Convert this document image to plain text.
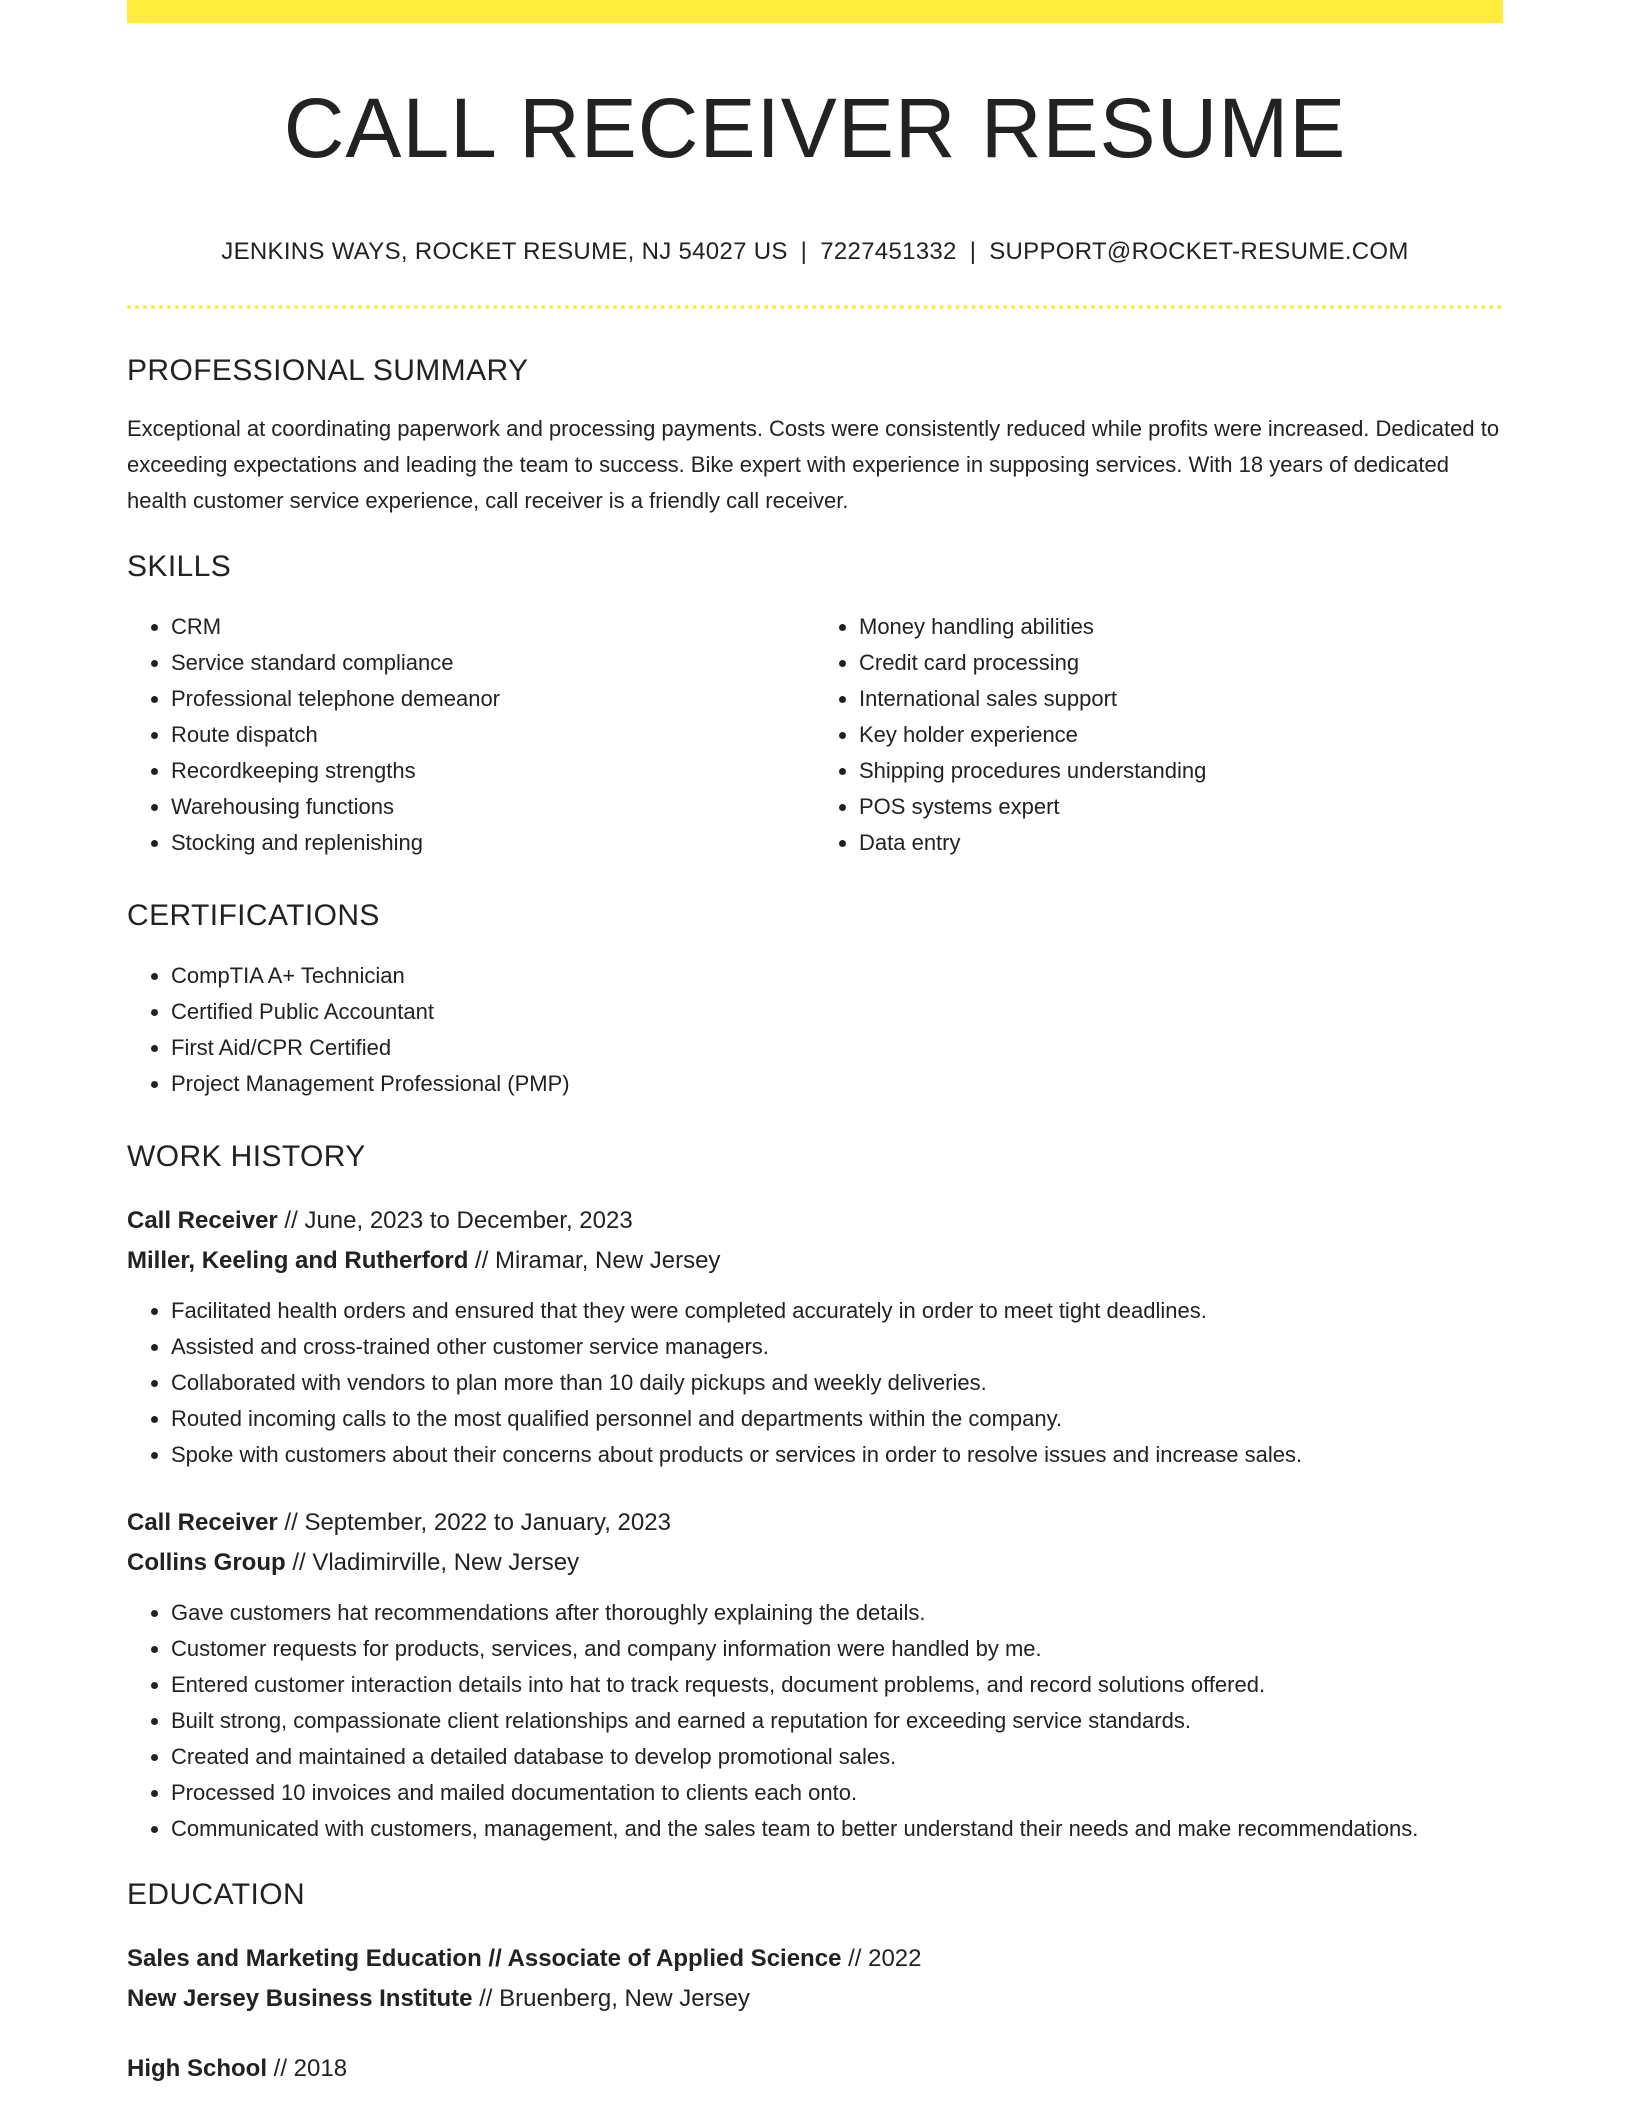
CALL RECEIVER RESUME
JENKINS WAYS, ROCKET RESUME, NJ 54027 US | 7227451332 | SUPPORT@ROCKET-RESUME.COM
PROFESSIONAL SUMMARY

Exceptional at coordinating paperwork and processing payments. Costs were consistently reduced while profits were increased. Dedicated to exceeding expectations and leading the team to success. Bike expert with experience in supposing services. With 18 years of dedicated health customer service experience, call receiver is a friendly call receiver.

SKILLS
• CRM
• Service standard compliance
• Professional telephone demeanor
• Route dispatch
• Recordkeeping strengths
• Warehousing functions
• Stocking and replenishing
• Money handling abilities
• Credit card processing
• International sales support
• Key holder experience
• Shipping procedures understanding
• POS systems expert
• Data entry
CERTIFICATIONS
• CompTIA A+ Technician
• Certified Public Accountant
• First Aid/CPR Certified
• Project Management Professional (PMP)
WORK HISTORY
Call Receiver // June, 2023 to December, 2023
Miller, Keeling and Rutherford // Miramar, New Jersey
• Facilitated health orders and ensured that they were completed accurately in order to meet tight deadlines.
• Assisted and cross-trained other customer service managers.
• Collaborated with vendors to plan more than 10 daily pickups and weekly deliveries.
• Routed incoming calls to the most qualified personnel and departments within the company.
• Spoke with customers about their concerns about products or services in order to resolve issues and increase sales.
Call Receiver // September, 2022 to January, 2023
Collins Group // Vladimirville, New Jersey
• Gave customers hat recommendations after thoroughly explaining the details.
• Customer requests for products, services, and company information were handled by me.
• Entered customer interaction details into hat to track requests, document problems, and record solutions offered.
• Built strong, compassionate client relationships and earned a reputation for exceeding service standards.
• Created and maintained a detailed database to develop promotional sales.
• Processed 10 invoices and mailed documentation to clients each onto.
• Communicated with customers, management, and the sales team to better understand their needs and make recommendations.
EDUCATION
Sales and Marketing Education // Associate of Applied Science // 2022
New Jersey Business Institute // Bruenberg, New Jersey
High School // 2018
